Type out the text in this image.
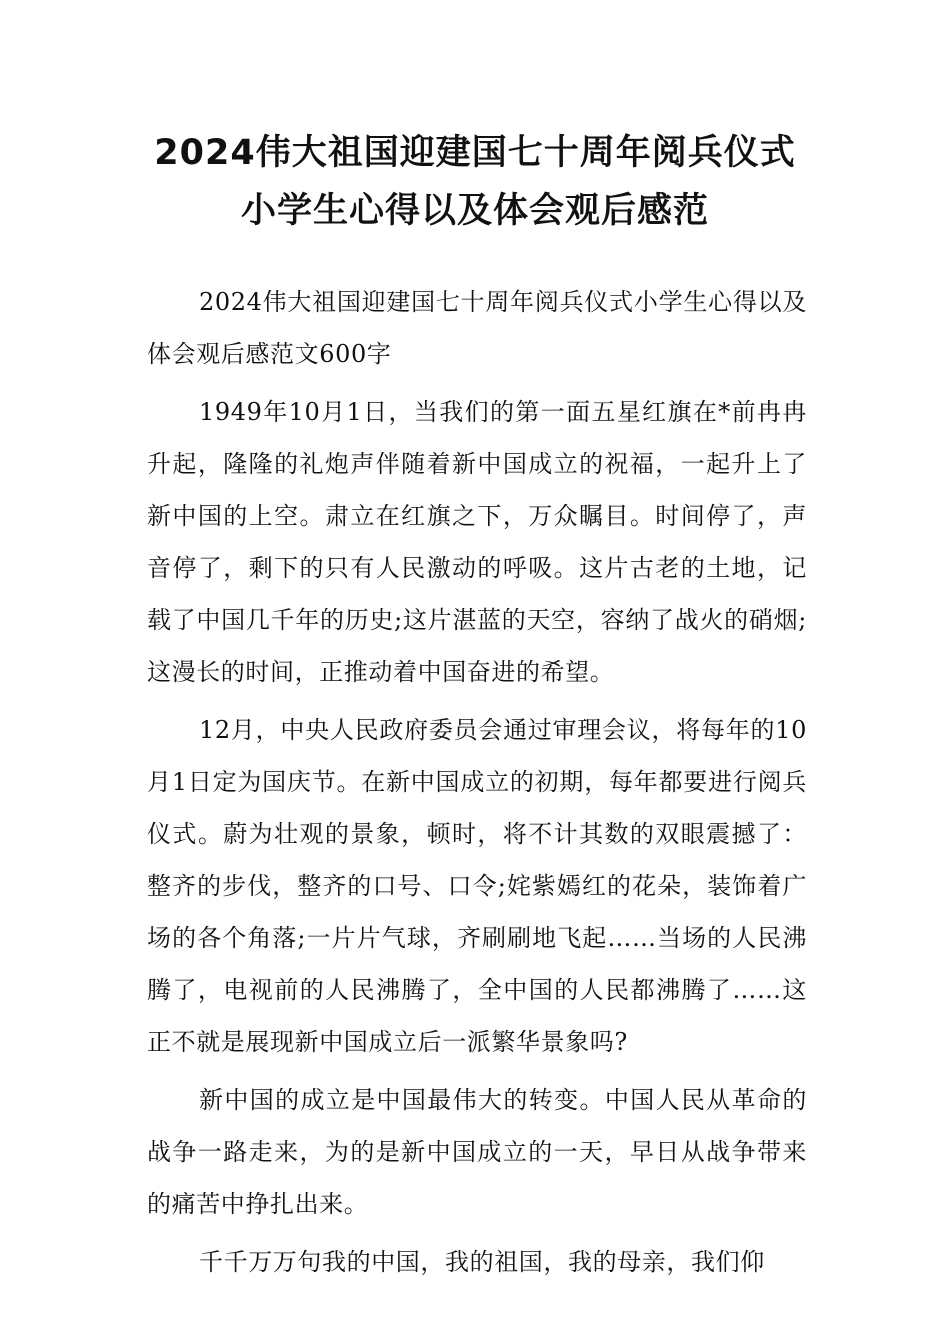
2024伟大祖国迎建国七十周年阅兵仪式
小学生心得以及体会观后感范

2024伟大祖国迎建国七十周年阅兵仪式小学生心得以及体会观后感范文600字

1949年10月1日，当我们的第一面五星红旗在*前冉冉升起，隆隆的礼炮声伴随着新中国成立的祝福，一起升上了新中国的上空。肃立在红旗之下，万众瞩目。时间停了，声音停了，剩下的只有人民激动的呼吸。这片古老的土地，记载了中国几千年的历史;这片湛蓝的天空，容纳了战火的硝烟;这漫长的时间，正推动着中国奋进的希望。

12月，中央人民政府委员会通过审理会议，将每年的10月1日定为国庆节。在新中国成立的初期，每年都要进行阅兵仪式。蔚为壮观的景象，顿时，将不计其数的双眼震撼了：整齐的步伐，整齐的口号、口令;姹紫嫣红的花朵，装饰着广场的各个角落;一片片气球，齐刷刷地飞起……当场的人民沸腾了，电视前的人民沸腾了，全中国的人民都沸腾了……这正不就是展现新中国成立后一派繁华景象吗?

新中国的成立是中国最伟大的转变。中国人民从革命的战争一路走来，为的是新中国成立的一天，早日从战争带来的痛苦中挣扎出来。

千千万万句我的中国，我的祖国，我的母亲，我们仰
